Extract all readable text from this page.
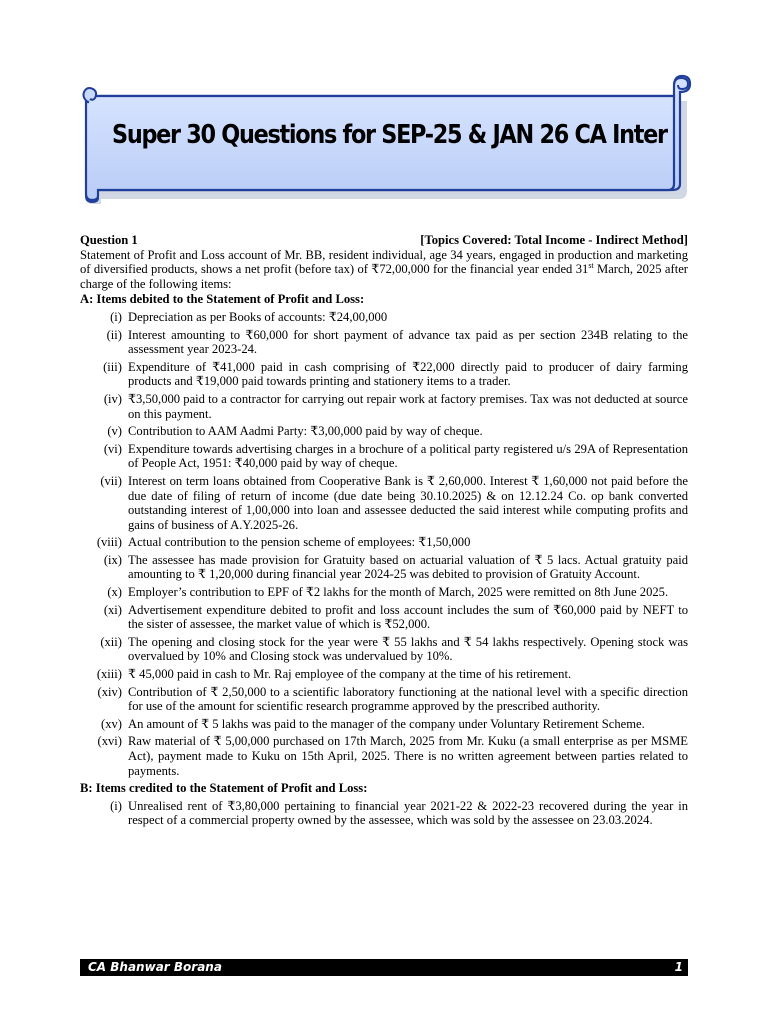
Super 30 Questions for SEP-25 & JAN 26 CA Inter
Question 1	[Topics Covered: Total Income - Indirect Method]
Statement of Profit and Loss account of Mr. BB, resident individual, age 34 years, engaged in production and marketing of diversified products, shows a net profit (before tax) of ₹72,00,000 for the financial year ended 31st March, 2025 after charge of the following items:
A: Items debited to the Statement of Profit and Loss:
(i) Depreciation as per Books of accounts: ₹24,00,000
(ii) Interest amounting to ₹60,000 for short payment of advance tax paid as per section 234B relating to the assessment year 2023-24.
(iii) Expenditure of ₹41,000 paid in cash comprising of ₹22,000 directly paid to producer of dairy farming products and ₹19,000 paid towards printing and stationery items to a trader.
(iv) ₹3,50,000 paid to a contractor for carrying out repair work at factory premises. Tax was not deducted at source on this payment.
(v) Contribution to AAM Aadmi Party: ₹3,00,000 paid by way of cheque.
(vi) Expenditure towards advertising charges in a brochure of a political party registered u/s 29A of Representation of People Act, 1951: ₹40,000 paid by way of cheque.
(vii) Interest on term loans obtained from Cooperative Bank is ₹ 2,60,000. Interest ₹ 1,60,000 not paid before the due date of filing of return of income (due date being 30.10.2025) & on 12.12.24 Co. op bank converted outstanding interest of 1,00,000 into loan and assessee deducted the said interest while computing profits and gains of business of A.Y.2025-26.
(viii) Actual contribution to the pension scheme of employees: ₹1,50,000
(ix) The assessee has made provision for Gratuity based on actuarial valuation of ₹ 5 lacs. Actual gratuity paid amounting to ₹ 1,20,000 during financial year 2024-25 was debited to provision of Gratuity Account.
(x) Employer’s contribution to EPF of ₹2 lakhs for the month of March, 2025 were remitted on 8th June 2025.
(xi) Advertisement expenditure debited to profit and loss account includes the sum of ₹60,000 paid by NEFT to the sister of assessee, the market value of which is ₹52,000.
(xii) The opening and closing stock for the year were ₹ 55 lakhs and ₹ 54 lakhs respectively. Opening stock was overvalued by 10% and Closing stock was undervalued by 10%.
(xiii) ₹ 45,000 paid in cash to Mr. Raj employee of the company at the time of his retirement.
(xiv) Contribution of ₹ 2,50,000 to a scientific laboratory functioning at the national level with a specific direction for use of the amount for scientific research programme approved by the prescribed authority.
(xv) An amount of ₹ 5 lakhs was paid to the manager of the company under Voluntary Retirement Scheme.
(xvi) Raw material of ₹ 5,00,000 purchased on 17th March, 2025 from Mr. Kuku (a small enterprise as per MSME Act), payment made to Kuku on 15th April, 2025. There is no written agreement between parties related to payments.
B: Items credited to the Statement of Profit and Loss:
(i) Unrealised rent of ₹3,80,000 pertaining to financial year 2021-22 & 2022-23 recovered during the year in respect of a commercial property owned by the assessee, which was sold by the assessee on 23.03.2024.
CA Bhanwar Borana	1
